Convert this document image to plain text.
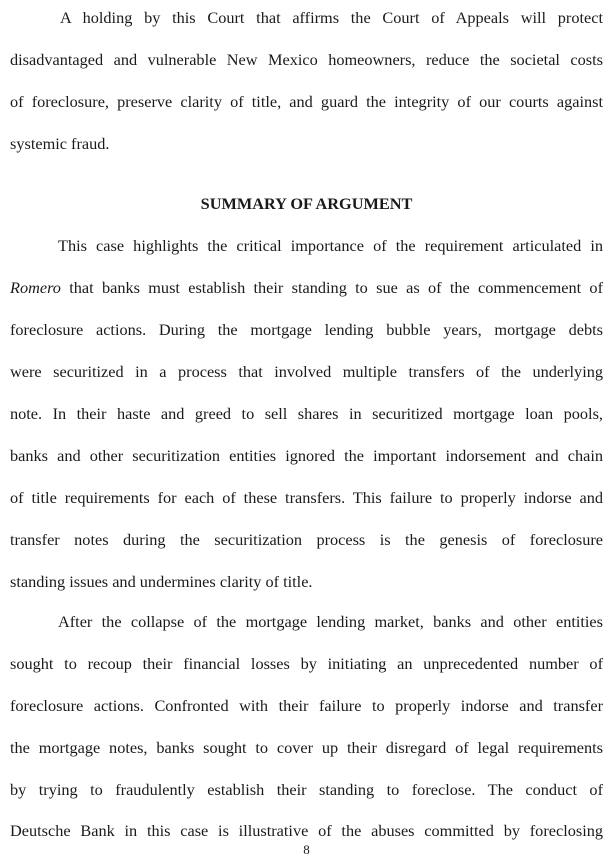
A holding by this Court that affirms the Court of Appeals will protect
disadvantaged and vulnerable New Mexico homeowners, reduce the societal costs
of foreclosure, preserve clarity of title, and guard the integrity of our courts against
systemic fraud.
SUMMARY OF ARGUMENT
This case highlights the critical importance of the requirement articulated in
Romero that banks must establish their standing to sue as of the commencement of
foreclosure actions. During the mortgage lending bubble years, mortgage debts
were securitized in a process that involved multiple transfers of the underlying
note. In their haste and greed to sell shares in securitized mortgage loan pools,
banks and other securitization entities ignored the important indorsement and chain
of title requirements for each of these transfers. This failure to properly indorse and
transfer notes during the securitization process is the genesis of foreclosure
standing issues and undermines clarity of title.
After the collapse of the mortgage lending market, banks and other entities
sought to recoup their financial losses by initiating an unprecedented number of
foreclosure actions. Confronted with their failure to properly indorse and transfer
the mortgage notes, banks sought to cover up their disregard of legal requirements
by trying to fraudulently establish their standing to foreclose. The conduct of
Deutsche Bank in this case is illustrative of the abuses committed by foreclosing
8
